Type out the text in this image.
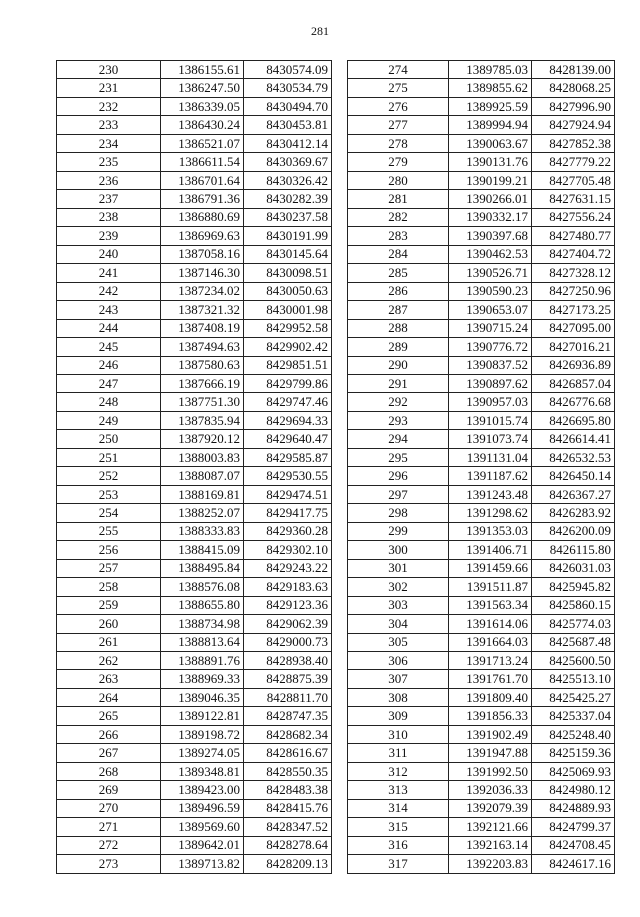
281
230	1386155.61	8430574.09
231	1386247.50	8430534.79
232	1386339.05	8430494.70
233	1386430.24	8430453.81
234	1386521.07	8430412.14
235	1386611.54	8430369.67
236	1386701.64	8430326.42
237	1386791.36	8430282.39
238	1386880.69	8430237.58
239	1386969.63	8430191.99
240	1387058.16	8430145.64
241	1387146.30	8430098.51
242	1387234.02	8430050.63
243	1387321.32	8430001.98
244	1387408.19	8429952.58
245	1387494.63	8429902.42
246	1387580.63	8429851.51
247	1387666.19	8429799.86
248	1387751.30	8429747.46
249	1387835.94	8429694.33
250	1387920.12	8429640.47
251	1388003.83	8429585.87
252	1388087.07	8429530.55
253	1388169.81	8429474.51
254	1388252.07	8429417.75
255	1388333.83	8429360.28
256	1388415.09	8429302.10
257	1388495.84	8429243.22
258	1388576.08	8429183.63
259	1388655.80	8429123.36
260	1388734.98	8429062.39
261	1388813.64	8429000.73
262	1388891.76	8428938.40
263	1388969.33	8428875.39
264	1389046.35	8428811.70
265	1389122.81	8428747.35
266	1389198.72	8428682.34
267	1389274.05	8428616.67
268	1389348.81	8428550.35
269	1389423.00	8428483.38
270	1389496.59	8428415.76
271	1389569.60	8428347.52
272	1389642.01	8428278.64
273	1389713.82	8428209.13
274	1389785.03	8428139.00
275	1389855.62	8428068.25
276	1389925.59	8427996.90
277	1389994.94	8427924.94
278	1390063.67	8427852.38
279	1390131.76	8427779.22
280	1390199.21	8427705.48
281	1390266.01	8427631.15
282	1390332.17	8427556.24
283	1390397.68	8427480.77
284	1390462.53	8427404.72
285	1390526.71	8427328.12
286	1390590.23	8427250.96
287	1390653.07	8427173.25
288	1390715.24	8427095.00
289	1390776.72	8427016.21
290	1390837.52	8426936.89
291	1390897.62	8426857.04
292	1390957.03	8426776.68
293	1391015.74	8426695.80
294	1391073.74	8426614.41
295	1391131.04	8426532.53
296	1391187.62	8426450.14
297	1391243.48	8426367.27
298	1391298.62	8426283.92
299	1391353.03	8426200.09
300	1391406.71	8426115.80
301	1391459.66	8426031.03
302	1391511.87	8425945.82
303	1391563.34	8425860.15
304	1391614.06	8425774.03
305	1391664.03	8425687.48
306	1391713.24	8425600.50
307	1391761.70	8425513.10
308	1391809.40	8425425.27
309	1391856.33	8425337.04
310	1391902.49	8425248.40
311	1391947.88	8425159.36
312	1391992.50	8425069.93
313	1392036.33	8424980.12
314	1392079.39	8424889.93
315	1392121.66	8424799.37
316	1392163.14	8424708.45
317	1392203.83	8424617.16
